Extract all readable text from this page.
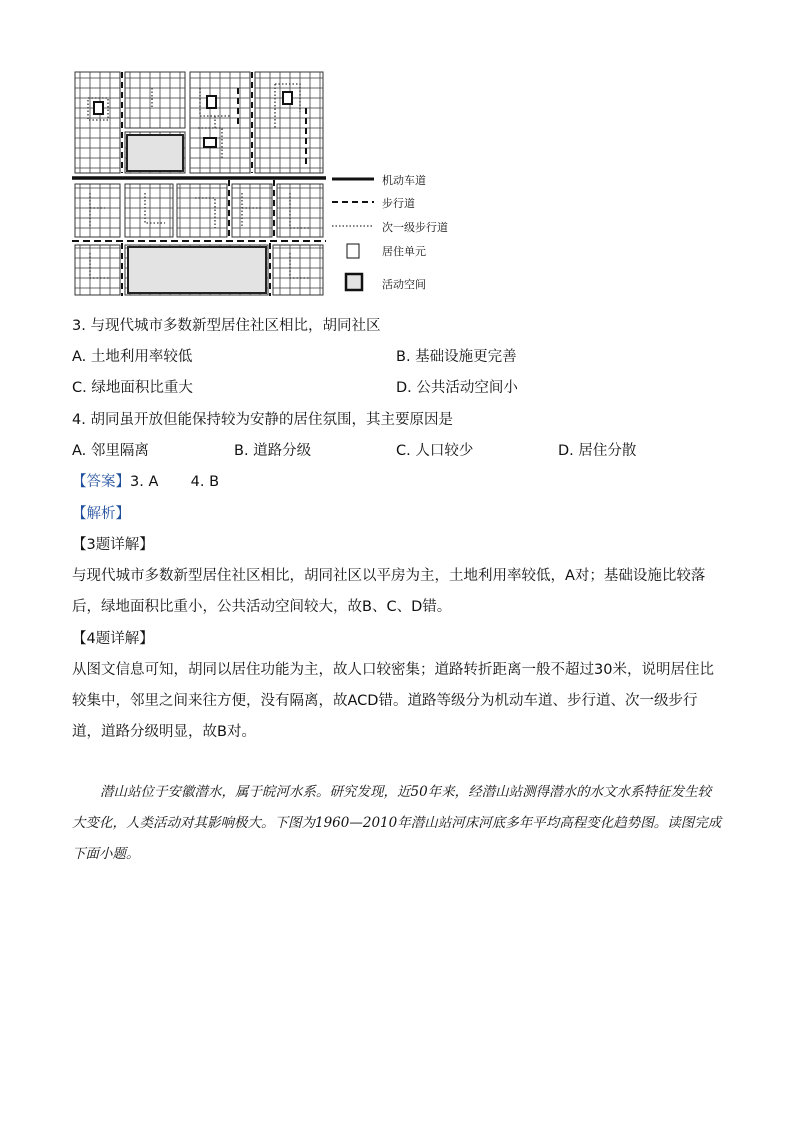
机动车道
步行道
次一级步行道
居住单元
活动空间
3. 与现代城市多数新型居住社区相比，胡同社区
A. 土地利用率较低	B. 基础设施更完善
C. 绿地面积比重大	D. 公共活动空间小
4. 胡同虽开放但能保持较为安静的居住氛围，其主要原因是
A. 邻里隔离	B. 道路分级	C. 人口较少	D. 居住分散
【答案】3. A       4. B
【解析】
【3题详解】
与现代城市多数新型居住社区相比，胡同社区以平房为主，土地利用率较低，A对；基础设施比较落后，绿地面积比重小，公共活动空间较大，故B、C、D错。
【4题详解】
从图文信息可知，胡同以居住功能为主，故人口较密集；道路转折距离一般不超过30米，说明居住比较集中，邻里之间来往方便，没有隔离，故ACD错。道路等级分为机动车道、步行道、次一级步行道，道路分级明显，故B对。
潜山站位于安徽潜水，属于皖河水系。研究发现，近50年来，经潜山站测得潜水的水文水系特征发生较大变化，人类活动对其影响极大。下图为1960—2010年潜山站河床河底多年平均高程变化趋势图。读图完成下面小题。
